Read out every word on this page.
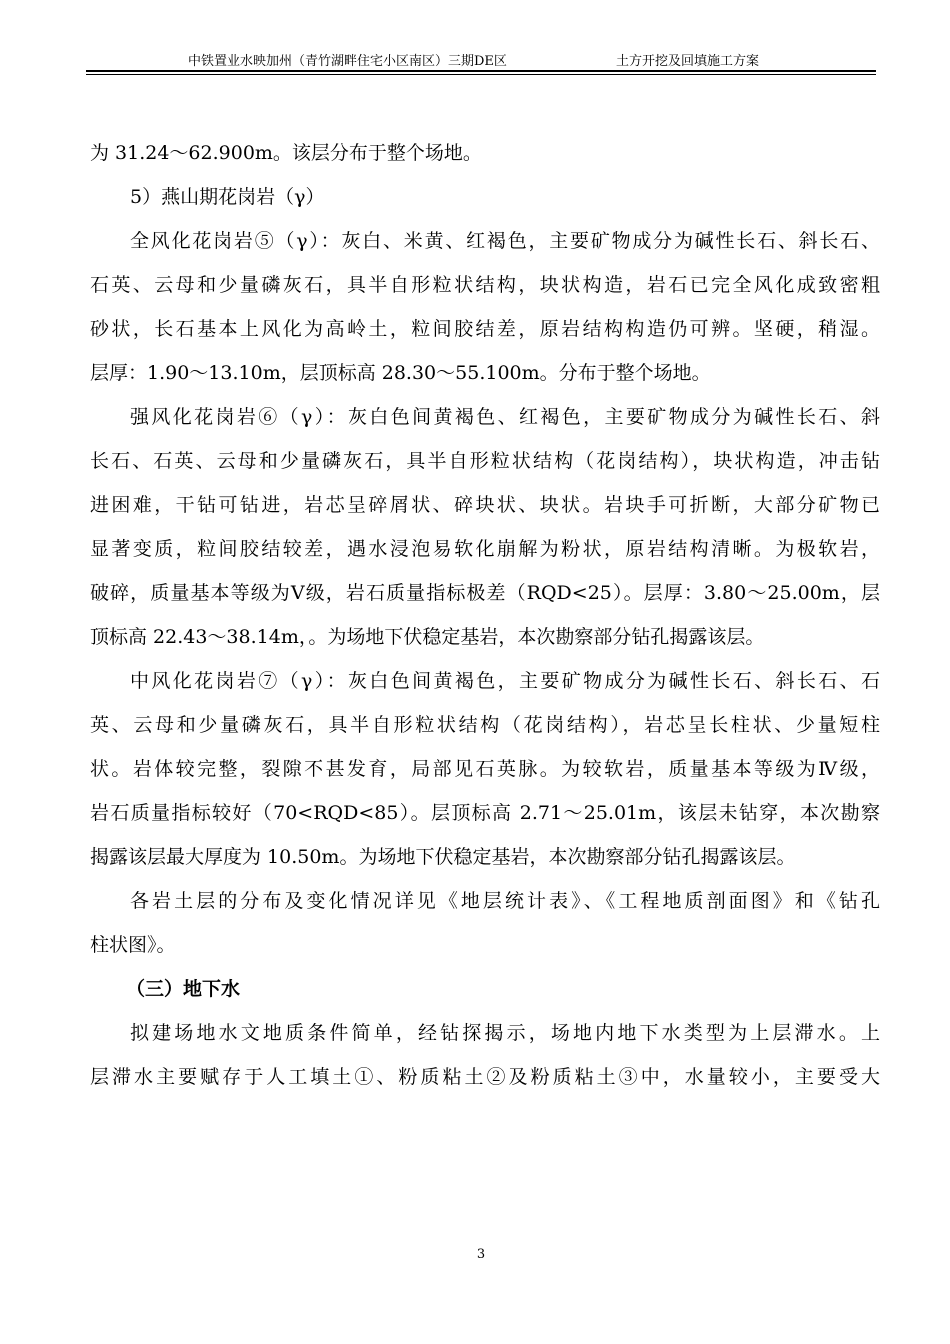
中铁置业水映加州（青竹湖畔住宅小区南区）三期DE区	土方开挖及回填施工方案
为 31.24～62.900m。该层分布于整个场地。
5）燕山期花岗岩（γ）
全风化花岗岩⑤（γ）：灰白、米黄、红褐色，主要矿物成分为碱性长石、斜长石、
石英、云母和少量磷灰石，具半自形粒状结构，块状构造，岩石已完全风化成致密粗
砂状，长石基本上风化为高岭土，粒间胶结差，原岩结构构造仍可辨。坚硬，稍湿。
层厚：1.90～13.10m，层顶标高 28.30～55.100m。分布于整个场地。
强风化花岗岩⑥（γ）：灰白色间黄褐色、红褐色，主要矿物成分为碱性长石、斜
长石、石英、云母和少量磷灰石，具半自形粒状结构（花岗结构），块状构造，冲击钻
进困难，干钻可钻进，岩芯呈碎屑状、碎块状、块状。岩块手可折断，大部分矿物已
显著变质，粒间胶结较差，遇水浸泡易软化崩解为粉状，原岩结构清晰。为极软岩，
破碎，质量基本等级为Ⅴ级，岩石质量指标极差（RQD<25）。层厚：3.80～25.00m，层
顶标高 22.43～38.14m，。为场地下伏稳定基岩，本次勘察部分钻孔揭露该层。
中风化花岗岩⑦（γ）：灰白色间黄褐色，主要矿物成分为碱性长石、斜长石、石
英、云母和少量磷灰石，具半自形粒状结构（花岗结构），岩芯呈长柱状、少量短柱
状。岩体较完整，裂隙不甚发育，局部见石英脉。为较软岩，质量基本等级为Ⅳ级，
岩石质量指标较好（70<RQD<85）。层顶标高 2.71～25.01m，该层未钻穿，本次勘察
揭露该层最大厚度为 10.50m。为场地下伏稳定基岩，本次勘察部分钻孔揭露该层。
各岩土层的分布及变化情况详见《地层统计表》、《工程地质剖面图》和《钻孔
柱状图》。
（三）地下水
拟建场地水文地质条件简单，经钻探揭示，场地内地下水类型为上层滞水。上
层滞水主要赋存于人工填土①、粉质粘土②及粉质粘土③中，水量较小，主要受大
3
